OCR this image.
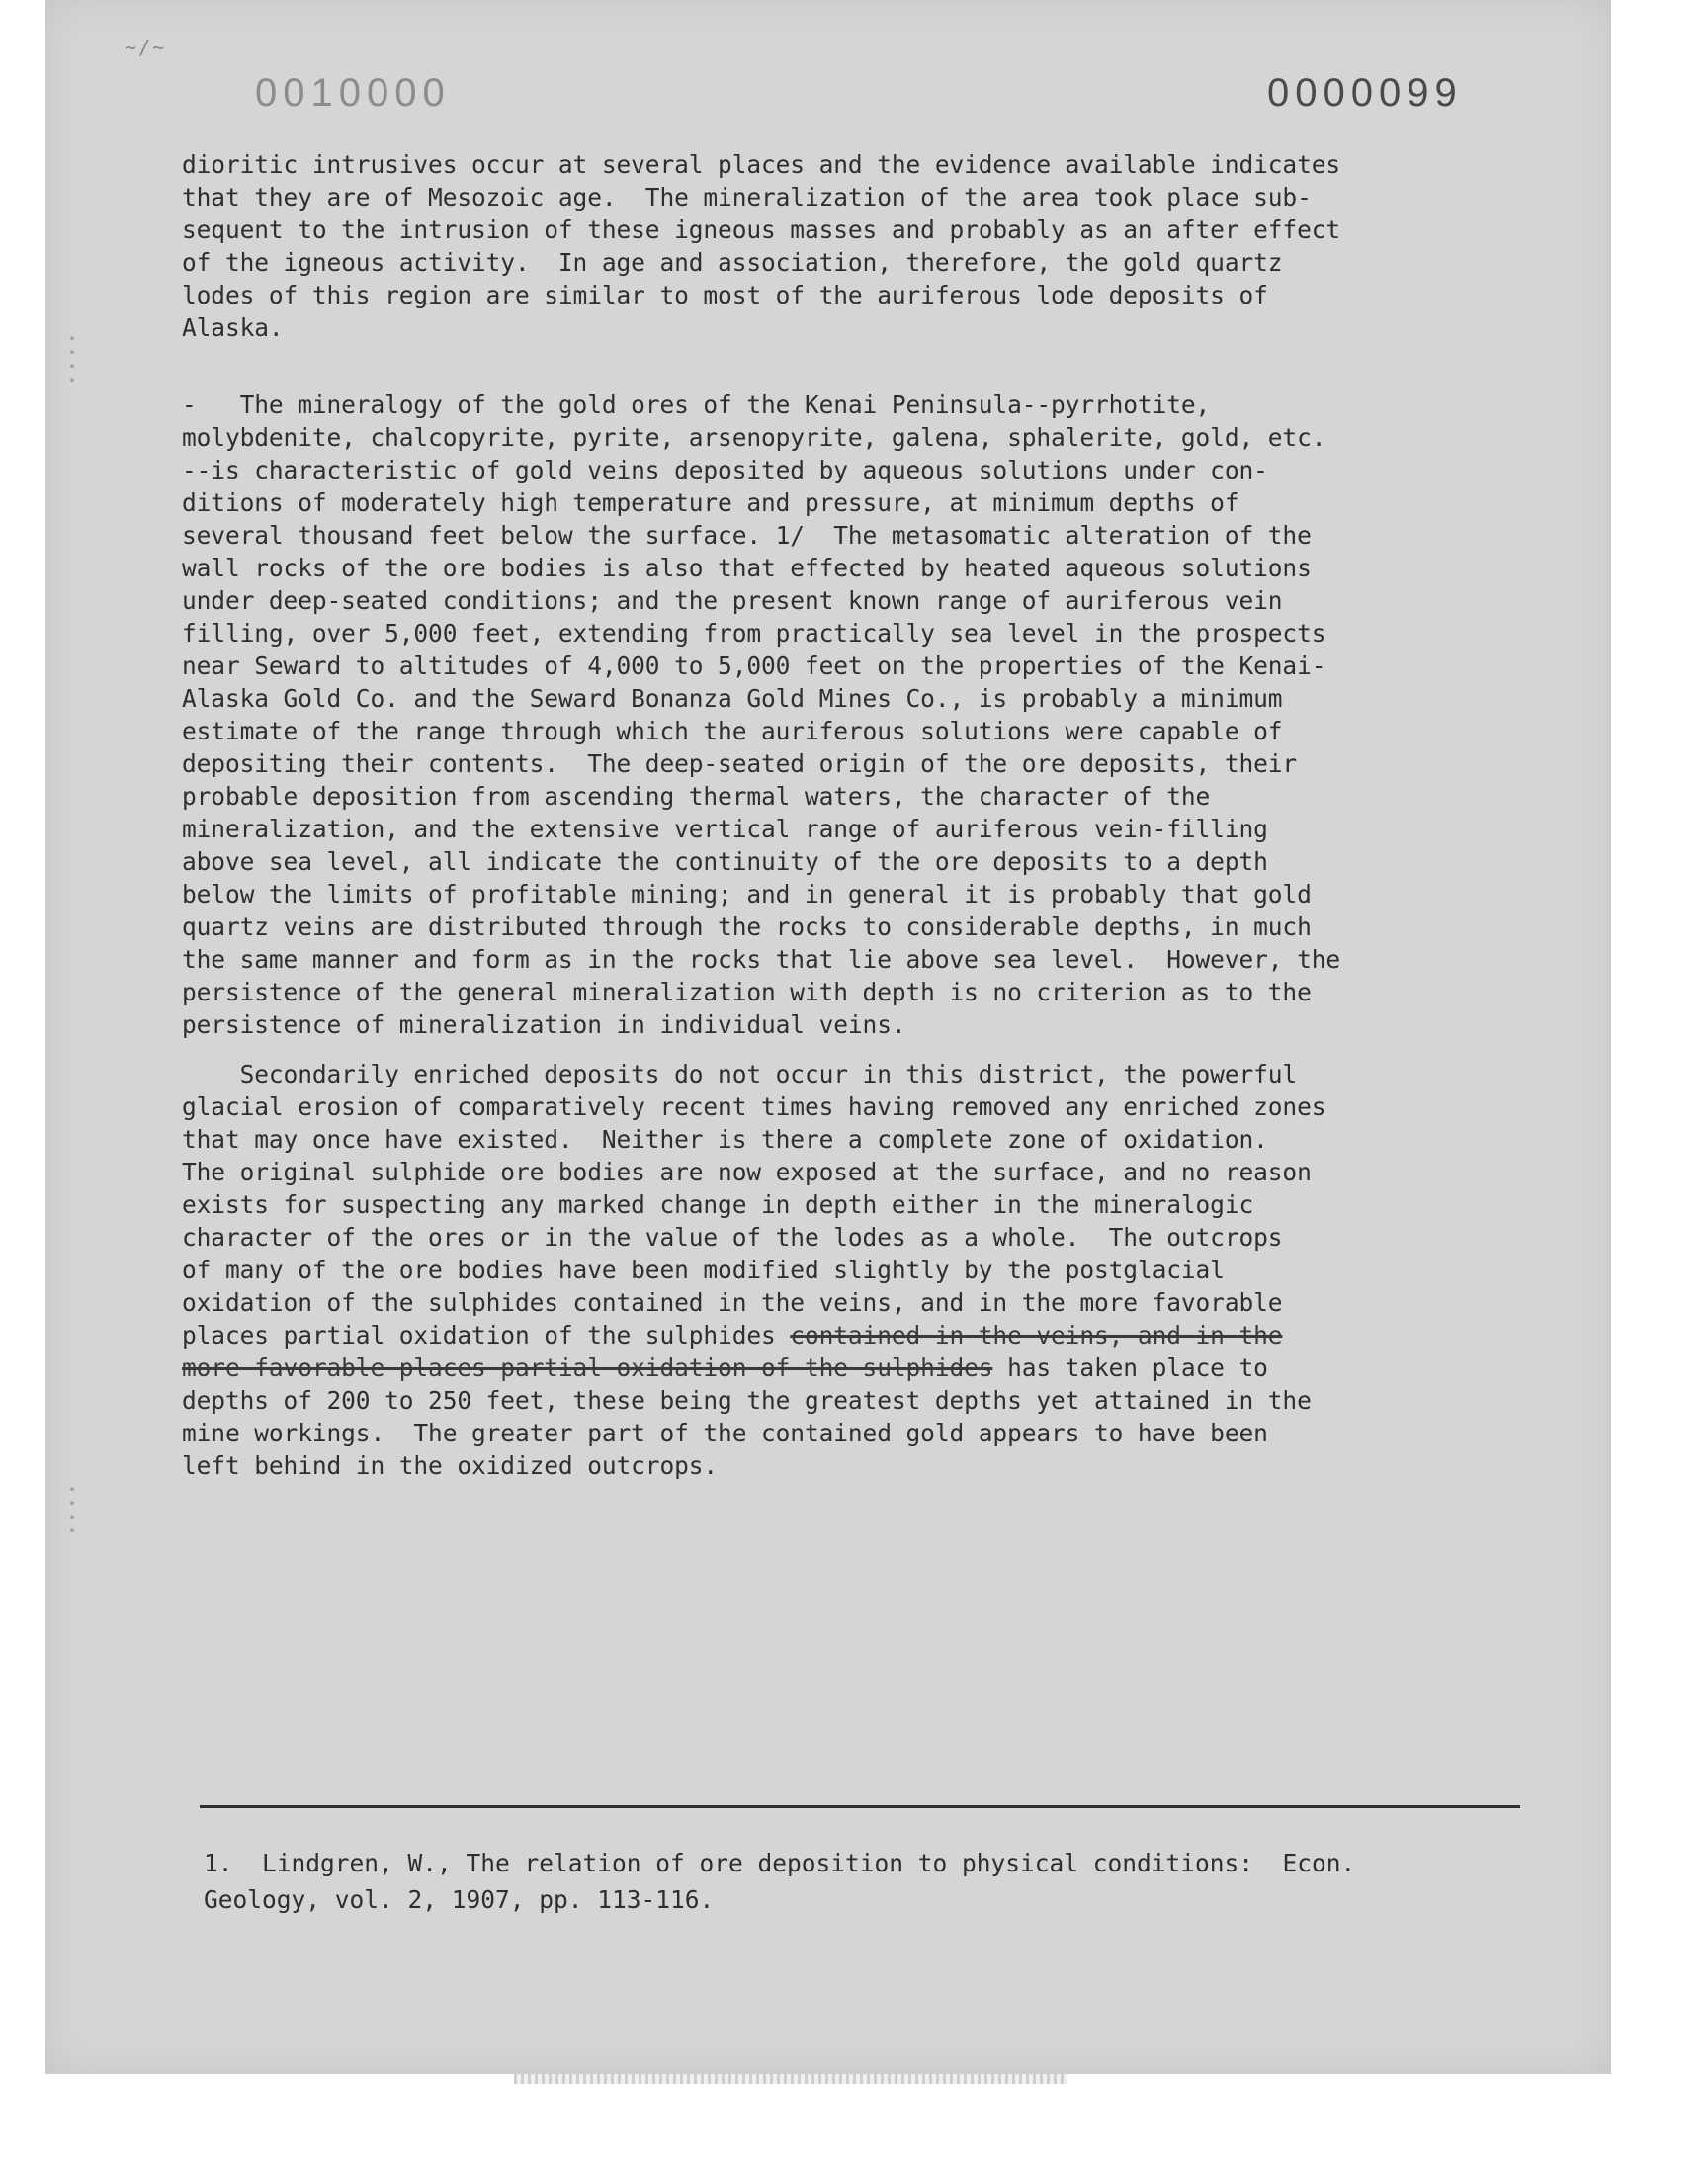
~/~
0010000	0000099
•
•
•
•
•
•
•
•
dioritic intrusives occur at several places and the evidence available indicates
that they are of Mesozoic age.  The mineralization of the area took place sub-
sequent to the intrusion of these igneous masses and probably as an after effect
of the igneous activity.  In age and association, therefore, the gold quartz
lodes of this region are similar to most of the auriferous lode deposits of
Alaska.
-   The mineralogy of the gold ores of the Kenai Peninsula--pyrrhotite,
molybdenite, chalcopyrite, pyrite, arsenopyrite, galena, sphalerite, gold, etc.
--is characteristic of gold veins deposited by aqueous solutions under con-
ditions of moderately high temperature and pressure, at minimum depths of
several thousand feet below the surface. 1/  The metasomatic alteration of the
wall rocks of the ore bodies is also that effected by heated aqueous solutions
under deep-seated conditions; and the present known range of auriferous vein
filling, over 5,000 feet, extending from practically sea level in the prospects
near Seward to altitudes of 4,000 to 5,000 feet on the properties of the Kenai-
Alaska Gold Co. and the Seward Bonanza Gold Mines Co., is probably a minimum
estimate of the range through which the auriferous solutions were capable of
depositing their contents.  The deep-seated origin of the ore deposits, their
probable deposition from ascending thermal waters, the character of the
mineralization, and the extensive vertical range of auriferous vein-filling
above sea level, all indicate the continuity of the ore deposits to a depth
below the limits of profitable mining; and in general it is probably that gold
quartz veins are distributed through the rocks to considerable depths, in much
the same manner and form as in the rocks that lie above sea level.  However, the
persistence of the general mineralization with depth is no criterion as to the
persistence of mineralization in individual veins.
Secondarily enriched deposits do not occur in this district, the powerful
glacial erosion of comparatively recent times having removed any enriched zones
that may once have existed.  Neither is there a complete zone of oxidation.
The original sulphide ore bodies are now exposed at the surface, and no reason
exists for suspecting any marked change in depth either in the mineralogic
character of the ores or in the value of the lodes as a whole.  The outcrops
of many of the ore bodies have been modified slightly by the postglacial
oxidation of the sulphides contained in the veins, and in the more favorable
places partial oxidation of the sulphides contained-in-the-veins,-and-in-the
more-favorable-places-partial-oxidation-of-the-sulphides has taken place to
depths of 200 to 250 feet, these being the greatest depths yet attained in the
mine workings.  The greater part of the contained gold appears to have been
left behind in the oxidized outcrops.
1.  Lindgren, W., The relation of ore deposition to physical conditions:  Econ.
Geology, vol. 2, 1907, pp. 113-116.
